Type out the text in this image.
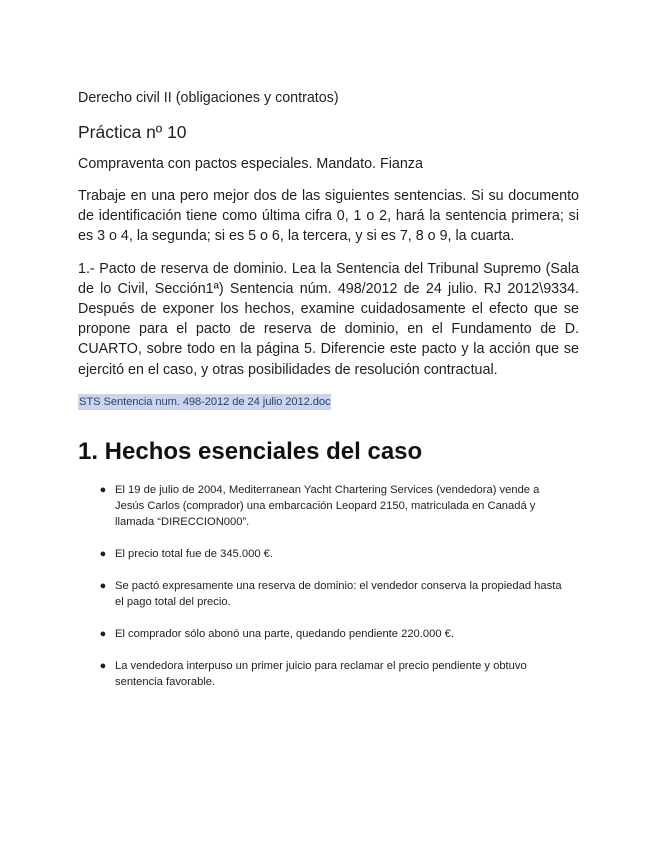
Derecho civil II (obligaciones y contratos)

Práctica nº 10

Compraventa con pactos especiales. Mandato. Fianza

Trabaje en una pero mejor dos de las siguientes sentencias. Si su documento de identificación tiene como última cifra 0, 1 o 2, hará la sentencia primera; si es 3 o 4, la segunda; si es 5 o 6, la tercera, y si es 7, 8 o 9, la cuarta.

1.- Pacto de reserva de dominio. Lea la Sentencia del Tribunal Supremo (Sala de lo Civil, Sección1ª) Sentencia núm. 498/2012 de 24 julio. RJ 2012\9334. Después de exponer los hechos, examine cuidadosamente el efecto que se propone para el pacto de reserva de dominio, en el Fundamento de D. CUARTO, sobre todo en la página 5. Diferencie este pacto y la acción que se ejercitó en el caso, y otras posibilidades de resolución contractual.

STS Sentencia num. 498-2012 de 24 julio 2012.doc
1. Hechos esenciales del caso
● El 19 de julio de 2004, Mediterranean Yacht Chartering Services (vendedora) vende a Jesús Carlos (comprador) una embarcación Leopard 2150, matriculada en Canadá y llamada “DIRECCION000”.
● El precio total fue de 345.000 €.
● Se pactó expresamente una reserva de dominio: el vendedor conserva la propiedad hasta el pago total del precio.
● El comprador sólo abonó una parte, quedando pendiente 220.000 €.
● La vendedora interpuso un primer juicio para reclamar el precio pendiente y obtuvo sentencia favorable.
